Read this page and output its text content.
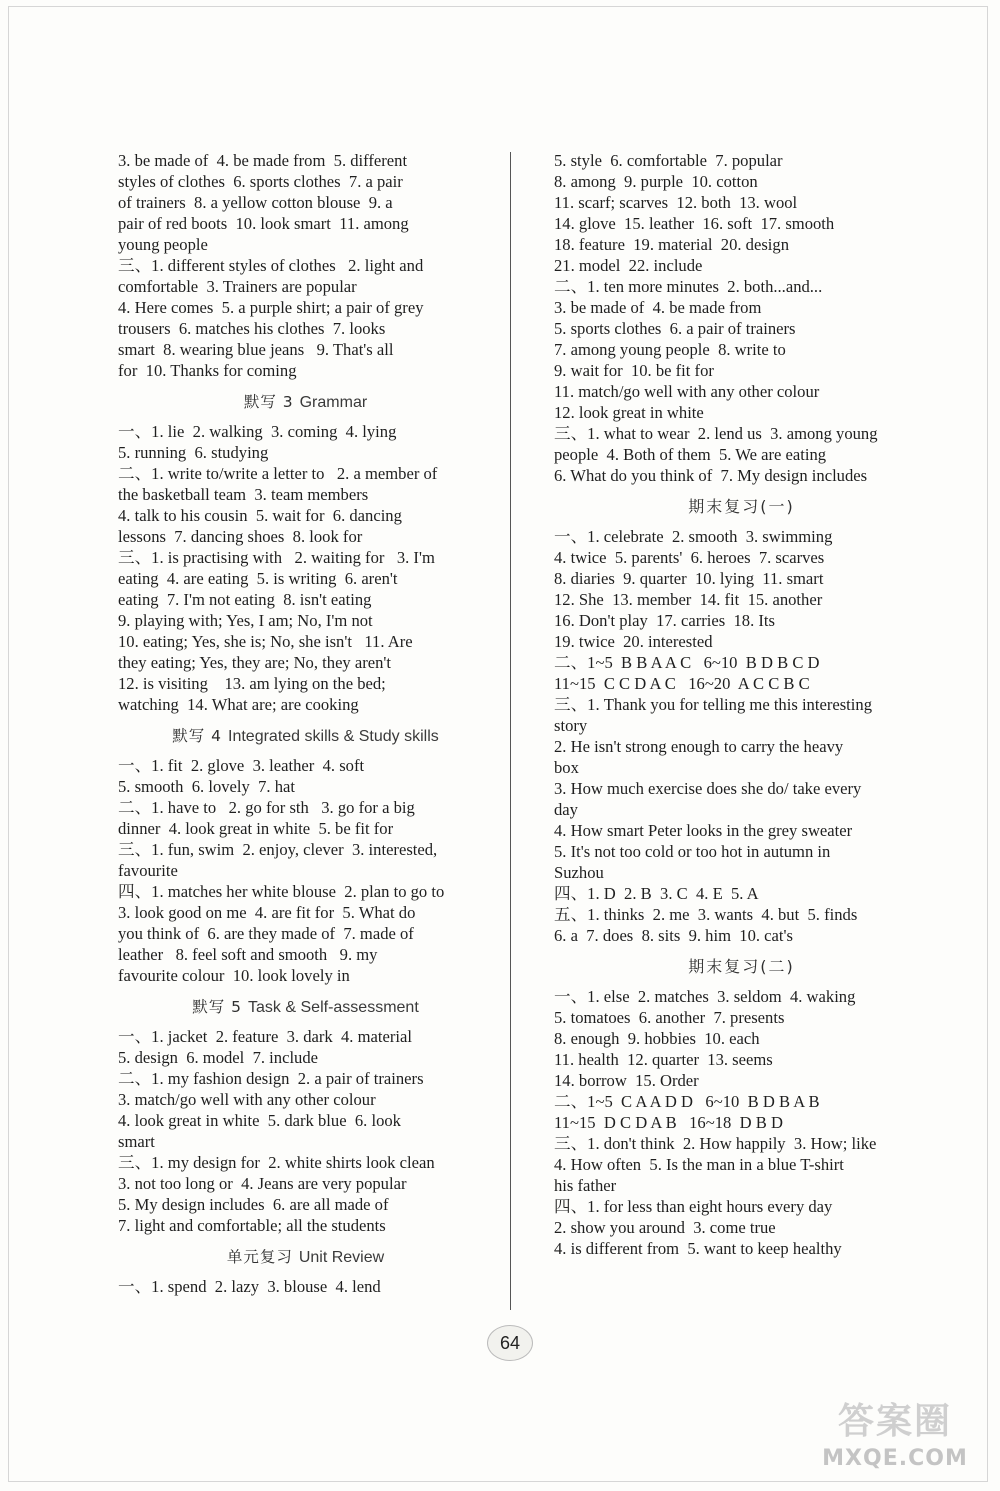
3. be made of  4. be made from  5. different
styles of clothes  6. sports clothes  7. a pair
of trainers  8. a yellow cotton blouse  9. a
pair of red boots  10. look smart  11. among
young people
三、1. different styles of clothes   2. light and
comfortable  3. Trainers are popular
4. Here comes  5. a purple shirt; a pair of grey
trousers  6. matches his clothes  7. looks
smart  8. wearing blue jeans   9. That's all
for  10. Thanks for coming
默写 3 Grammar
一、1. lie  2. walking  3. coming  4. lying
5. running  6. studying
二、1. write to/write a letter to   2. a member of
the basketball team  3. team members
4. talk to his cousin  5. wait for  6. dancing
lessons  7. dancing shoes  8. look for
三、1. is practising with   2. waiting for   3. I'm
eating  4. are eating  5. is writing  6. aren't
eating  7. I'm not eating  8. isn't eating
9. playing with; Yes, I am; No, I'm not
10. eating; Yes, she is; No, she isn't   11. Are
they eating; Yes, they are; No, they aren't
12. is visiting    13. am lying on the bed;
watching  14. What are; are cooking
默写 4 Integrated skills & Study skills
一、1. fit  2. glove  3. leather  4. soft
5. smooth  6. lovely  7. hat
二、1. have to   2. go for sth   3. go for a big
dinner  4. look great in white  5. be fit for
三、1. fun, swim  2. enjoy, clever  3. interested,
favourite
四、1. matches her white blouse  2. plan to go to
3. look good on me  4. are fit for  5. What do
you think of  6. are they made of  7. made of
leather   8. feel soft and smooth   9. my
favourite colour  10. look lovely in
默写 5 Task & Self-assessment
一、1. jacket  2. feature  3. dark  4. material
5. design  6. model  7. include
二、1. my fashion design  2. a pair of trainers
3. match/go well with any other colour
4. look great in white  5. dark blue  6. look
smart
三、1. my design for  2. white shirts look clean
3. not too long or  4. Jeans are very popular
5. My design includes  6. are all made of
7. light and comfortable; all the students
单元复习 Unit Review
一、1. spend  2. lazy  3. blouse  4. lend
5. style  6. comfortable  7. popular
8. among  9. purple  10. cotton
11. scarf; scarves  12. both  13. wool
14. glove  15. leather  16. soft  17. smooth
18. feature  19. material  20. design
21. model  22. include
二、1. ten more minutes  2. both...and...
3. be made of  4. be made from
5. sports clothes  6. a pair of trainers
7. among young people  8. write to
9. wait for  10. be fit for
11. match/go well with any other colour
12. look great in white
三、1. what to wear  2. lend us  3. among young
people  4. Both of them  5. We are eating
6. What do you think of  7. My design includes
期末复习(一)
一、1. celebrate  2. smooth  3. swimming
4. twice  5. parents'  6. heroes  7. scarves
8. diaries  9. quarter  10. lying  11. smart
12. She  13. member  14. fit  15. another
16. Don't play  17. carries  18. Its
19. twice  20. interested
二、1~5  B B A A C   6~10  B D B C D
11~15  C C D A C   16~20  A C C B C
三、1. Thank you for telling me this interesting
story
2. He isn't strong enough to carry the heavy
box
3. How much exercise does she do/ take every
day
4. How smart Peter looks in the grey sweater
5. It's not too cold or too hot in autumn in
Suzhou
四、1. D  2. B  3. C  4. E  5. A
五、1. thinks  2. me  3. wants  4. but  5. finds
6. a  7. does  8. sits  9. him  10. cat's
期末复习(二)
一、1. else  2. matches  3. seldom  4. waking
5. tomatoes  6. another  7. presents
8. enough  9. hobbies  10. each
11. health  12. quarter  13. seems
14. borrow  15. Order
二、1~5  C A A D D   6~10  B D B A B
11~15  D C D A B   16~18  D B D
三、1. don't think  2. How happily  3. How; like
4. How often  5. Is the man in a blue T-shirt
his father
四、1. for less than eight hours every day
2. show you around  3. come true
4. is different from  5. want to keep healthy
64
答案圈
MXQE.COM
